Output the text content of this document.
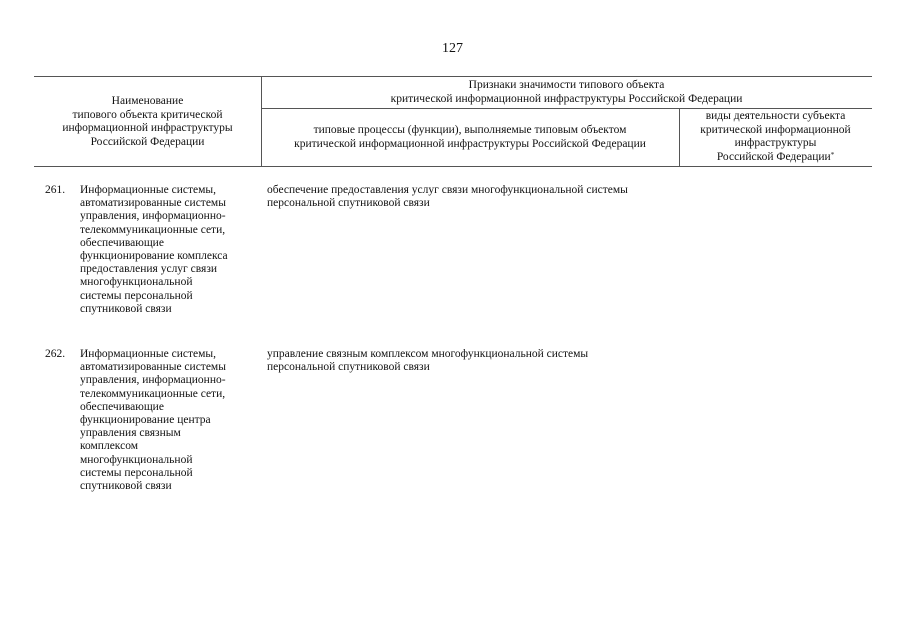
127
Наименование
типового объекта критической
информационной инфраструктуры
Российской Федерации
Признаки значимости типового объекта
критической информационной инфраструктуры Российской Федерации
типовые процессы (функции), выполняемые типовым объектом
критической информационной инфраструктуры Российской Федерации
виды деятельности субъекта
критической информационной
инфраструктуры
Российской Федерации*
261. Информационные системы,
автоматизированные системы
управления, информационно-
телекоммуникационные сети,
обеспечивающие
функционирование комплекса
предоставления услуг связи
многофункциональной
системы персональной
спутниковой связи
обеспечение предоставления услуг связи многофункциональной системы
персональной спутниковой связи
262. Информационные системы,
автоматизированные системы
управления, информационно-
телекоммуникационные сети,
обеспечивающие
функционирование центра
управления связным
комплексом
многофункциональной
системы персональной
спутниковой связи
управление связным комплексом многофункциональной системы
персональной спутниковой связи
